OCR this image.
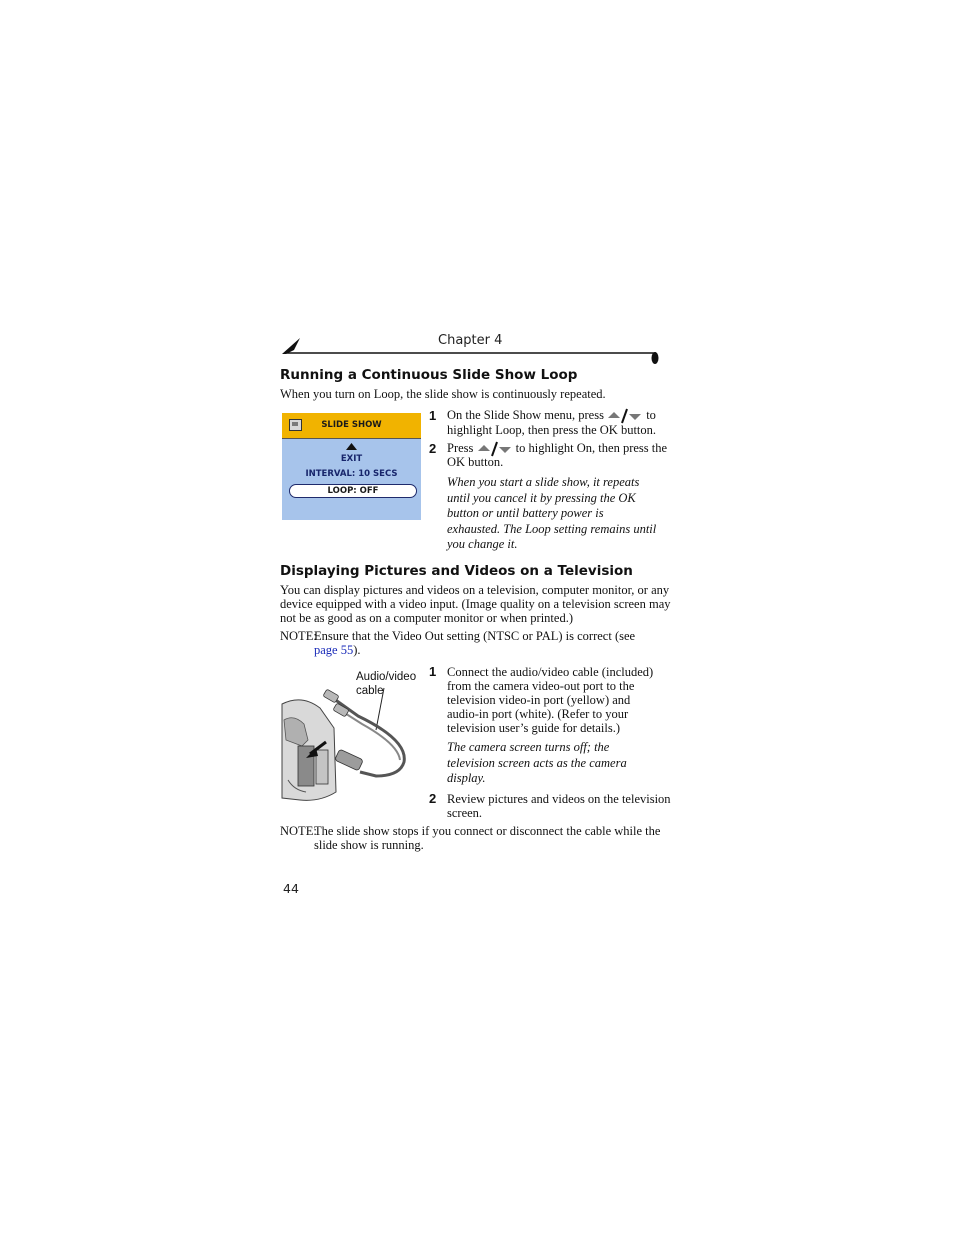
Chapter 4
Running a Continuous Slide Show Loop
When you turn on Loop, the slide show is continuously repeated.
SLIDE SHOW
EXIT
INTERVAL: 10 SECS
LOOP: OFF
1 On the Slide Show menu, press	to
highlight Loop, then press the OK button.
2 Press	to highlight On, then press the
OK button.
When you start a slide show, it repeats
until you cancel it by pressing the OK
button or until battery power is
exhausted. The Loop setting remains until
you change it.
Displaying Pictures and Videos on a Television
You can display pictures and videos on a television, computer monitor, or any
device equipped with a video input. (Image quality on a television screen may
not be as good as on a computer monitor or when printed.)
NOTE:
Ensure that the Video Out setting (NTSC or PAL) is correct (see
page 55).
Audio/video
cable
1 Connect the audio/video cable (included)
from the camera video-out port to the
television video-in port (yellow) and
audio-in port (white). (Refer to your
television user’s guide for details.)
The camera screen turns off; the
television screen acts as the camera
display.
2 Review pictures and videos on the television
screen.
NOTE:
The slide show stops if you connect or disconnect the cable while the
slide show is running.
44
